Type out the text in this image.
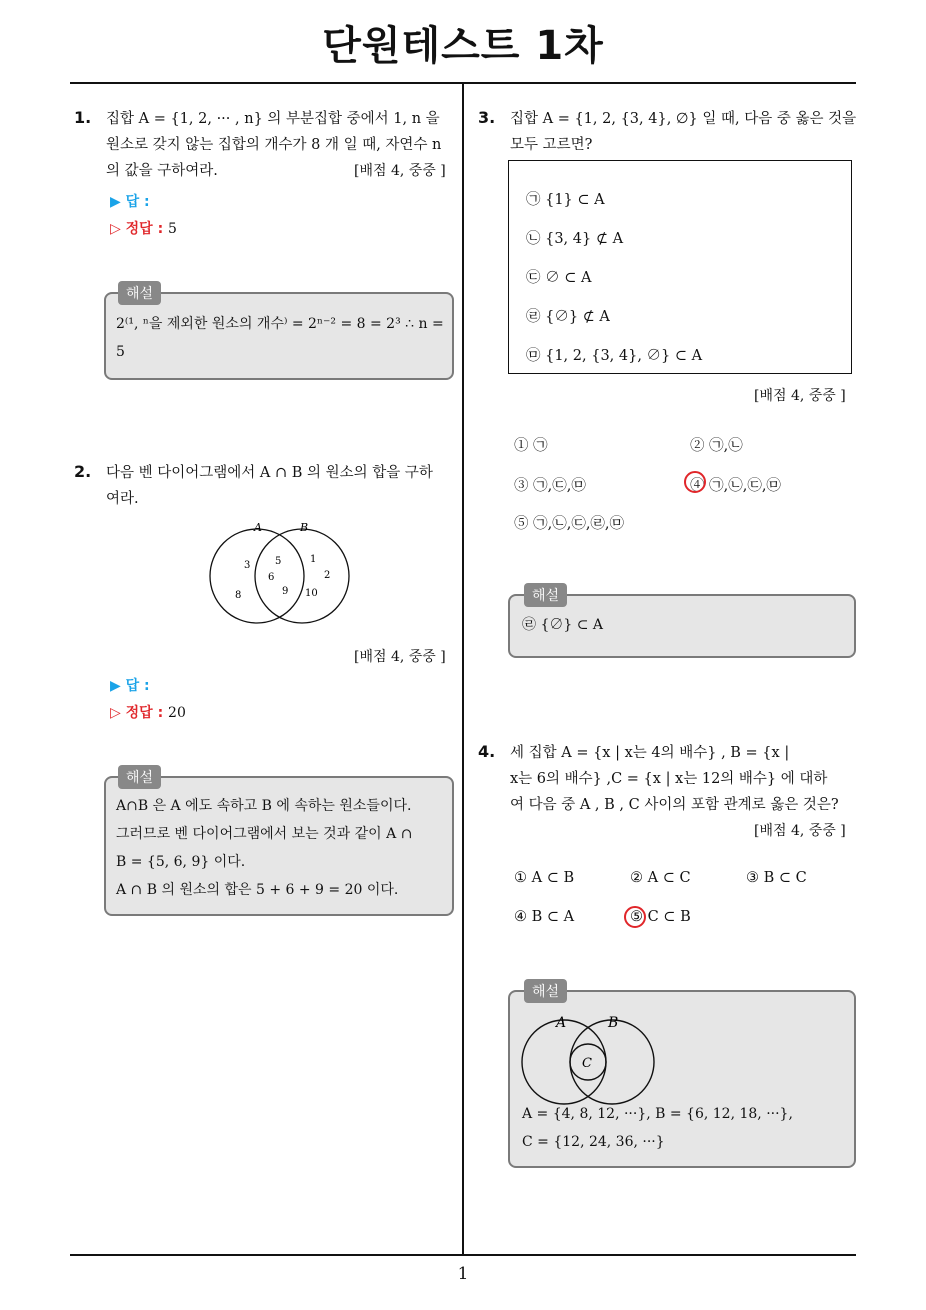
단원테스트 1차
1. 집합 A = {1, 2, ··· , n} 의 부분집합 중에서 1, n 을
원소로 갖지 않는 집합의 개수가 8 개 일 때, 자연수 n
의 값을 구하여라.	[배점 4, 중중 ]
▶ 답 :
▷ 정답 : 5
해설
2⁽¹, ⁿ을 제외한 원소의 개수⁾ = 2ⁿ⁻² = 8 = 2³ ∴ n =
5
2. 다음 벤 다이어그램에서 A ∩ B 의 원소의 합을 구하
여라.
A	B
3
8
5
6
9
1
2
10
[배점 4, 중중 ]
▶ 답 :
▷ 정답 : 20
해설
A∩B 은 A 에도 속하고 B 에 속하는 원소들이다.
그러므로 벤 다이어그램에서 보는 것과 같이 A ∩
B = {5, 6, 9} 이다.
A ∩ B 의 원소의 합은 5 + 6 + 9 = 20 이다.
3. 집합 A = {1, 2, {3, 4}, ∅} 일 때, 다음 중 옳은 것을
모두 고르면?
㉠ {1} ⊂ A
㉡ {3, 4} ⊄ A
㉢ ∅ ⊂ A
㉣ {∅} ⊄ A
㉤ {1, 2, {3, 4}, ∅} ⊂ A
[배점 4, 중중 ]
① ㉠	② ㉠,㉡
③ ㉠,㉢,㉤	④ ㉠,㉡,㉢,㉤
⑤ ㉠,㉡,㉢,㉣,㉤
해설
㉣ {∅} ⊂ A
4. 세 집합 A = {x | x는 4의 배수} , B = {x |
x는 6의 배수} ,C = {x | x는 12의 배수} 에 대하
여 다음 중 A , B , C 사이의 포함 관계로 옳은 것은?
[배점 4, 중중 ]
① A ⊂ B	② A ⊂ C	③ B ⊂ C
④ B ⊂ A	⑤ C ⊂ B
해설
A	B
C
A = {4, 8, 12, ···}, B = {6, 12, 18, ···},
C = {12, 24, 36, ···}
1
